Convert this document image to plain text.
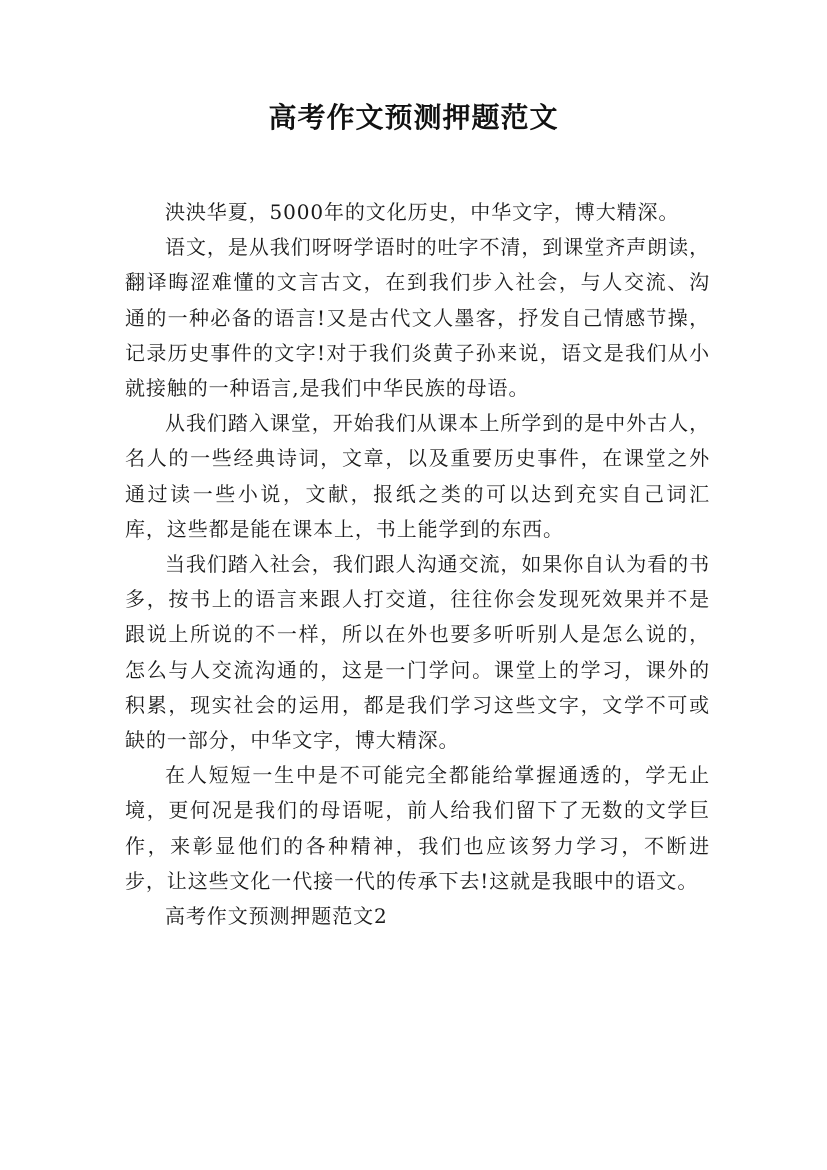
高考作文预测押题范文

泱泱华夏，5000年的文化历史，中华文字，博大精深。

语文，是从我们呀呀学语时的吐字不清，到课堂齐声朗读，翻译晦涩难懂的文言古文，在到我们步入社会，与人交流、沟通的一种必备的语言!又是古代文人墨客，抒发自己情感节操，记录历史事件的文字!对于我们炎黄子孙来说，语文是我们从小就接触的一种语言,是我们中华民族的母语。

从我们踏入课堂，开始我们从课本上所学到的是中外古人，名人的一些经典诗词，文章，以及重要历史事件，在课堂之外通过读一些小说，文献，报纸之类的可以达到充实自己词汇库，这些都是能在课本上，书上能学到的东西。

当我们踏入社会，我们跟人沟通交流，如果你自认为看的书多，按书上的语言来跟人打交道，往往你会发现死效果并不是跟说上所说的不一样，所以在外也要多听听别人是怎么说的，怎么与人交流沟通的，这是一门学问。课堂上的学习，课外的积累，现实社会的运用，都是我们学习这些文字，文学不可或缺的一部分，中华文字，博大精深。

在人短短一生中是不可能完全都能给掌握通透的，学无止境，更何况是我们的母语呢，前人给我们留下了无数的文学巨作，来彰显他们的各种精神，我们也应该努力学习，不断进步，让这些文化一代接一代的传承下去!这就是我眼中的语文。

高考作文预测押题范文2
